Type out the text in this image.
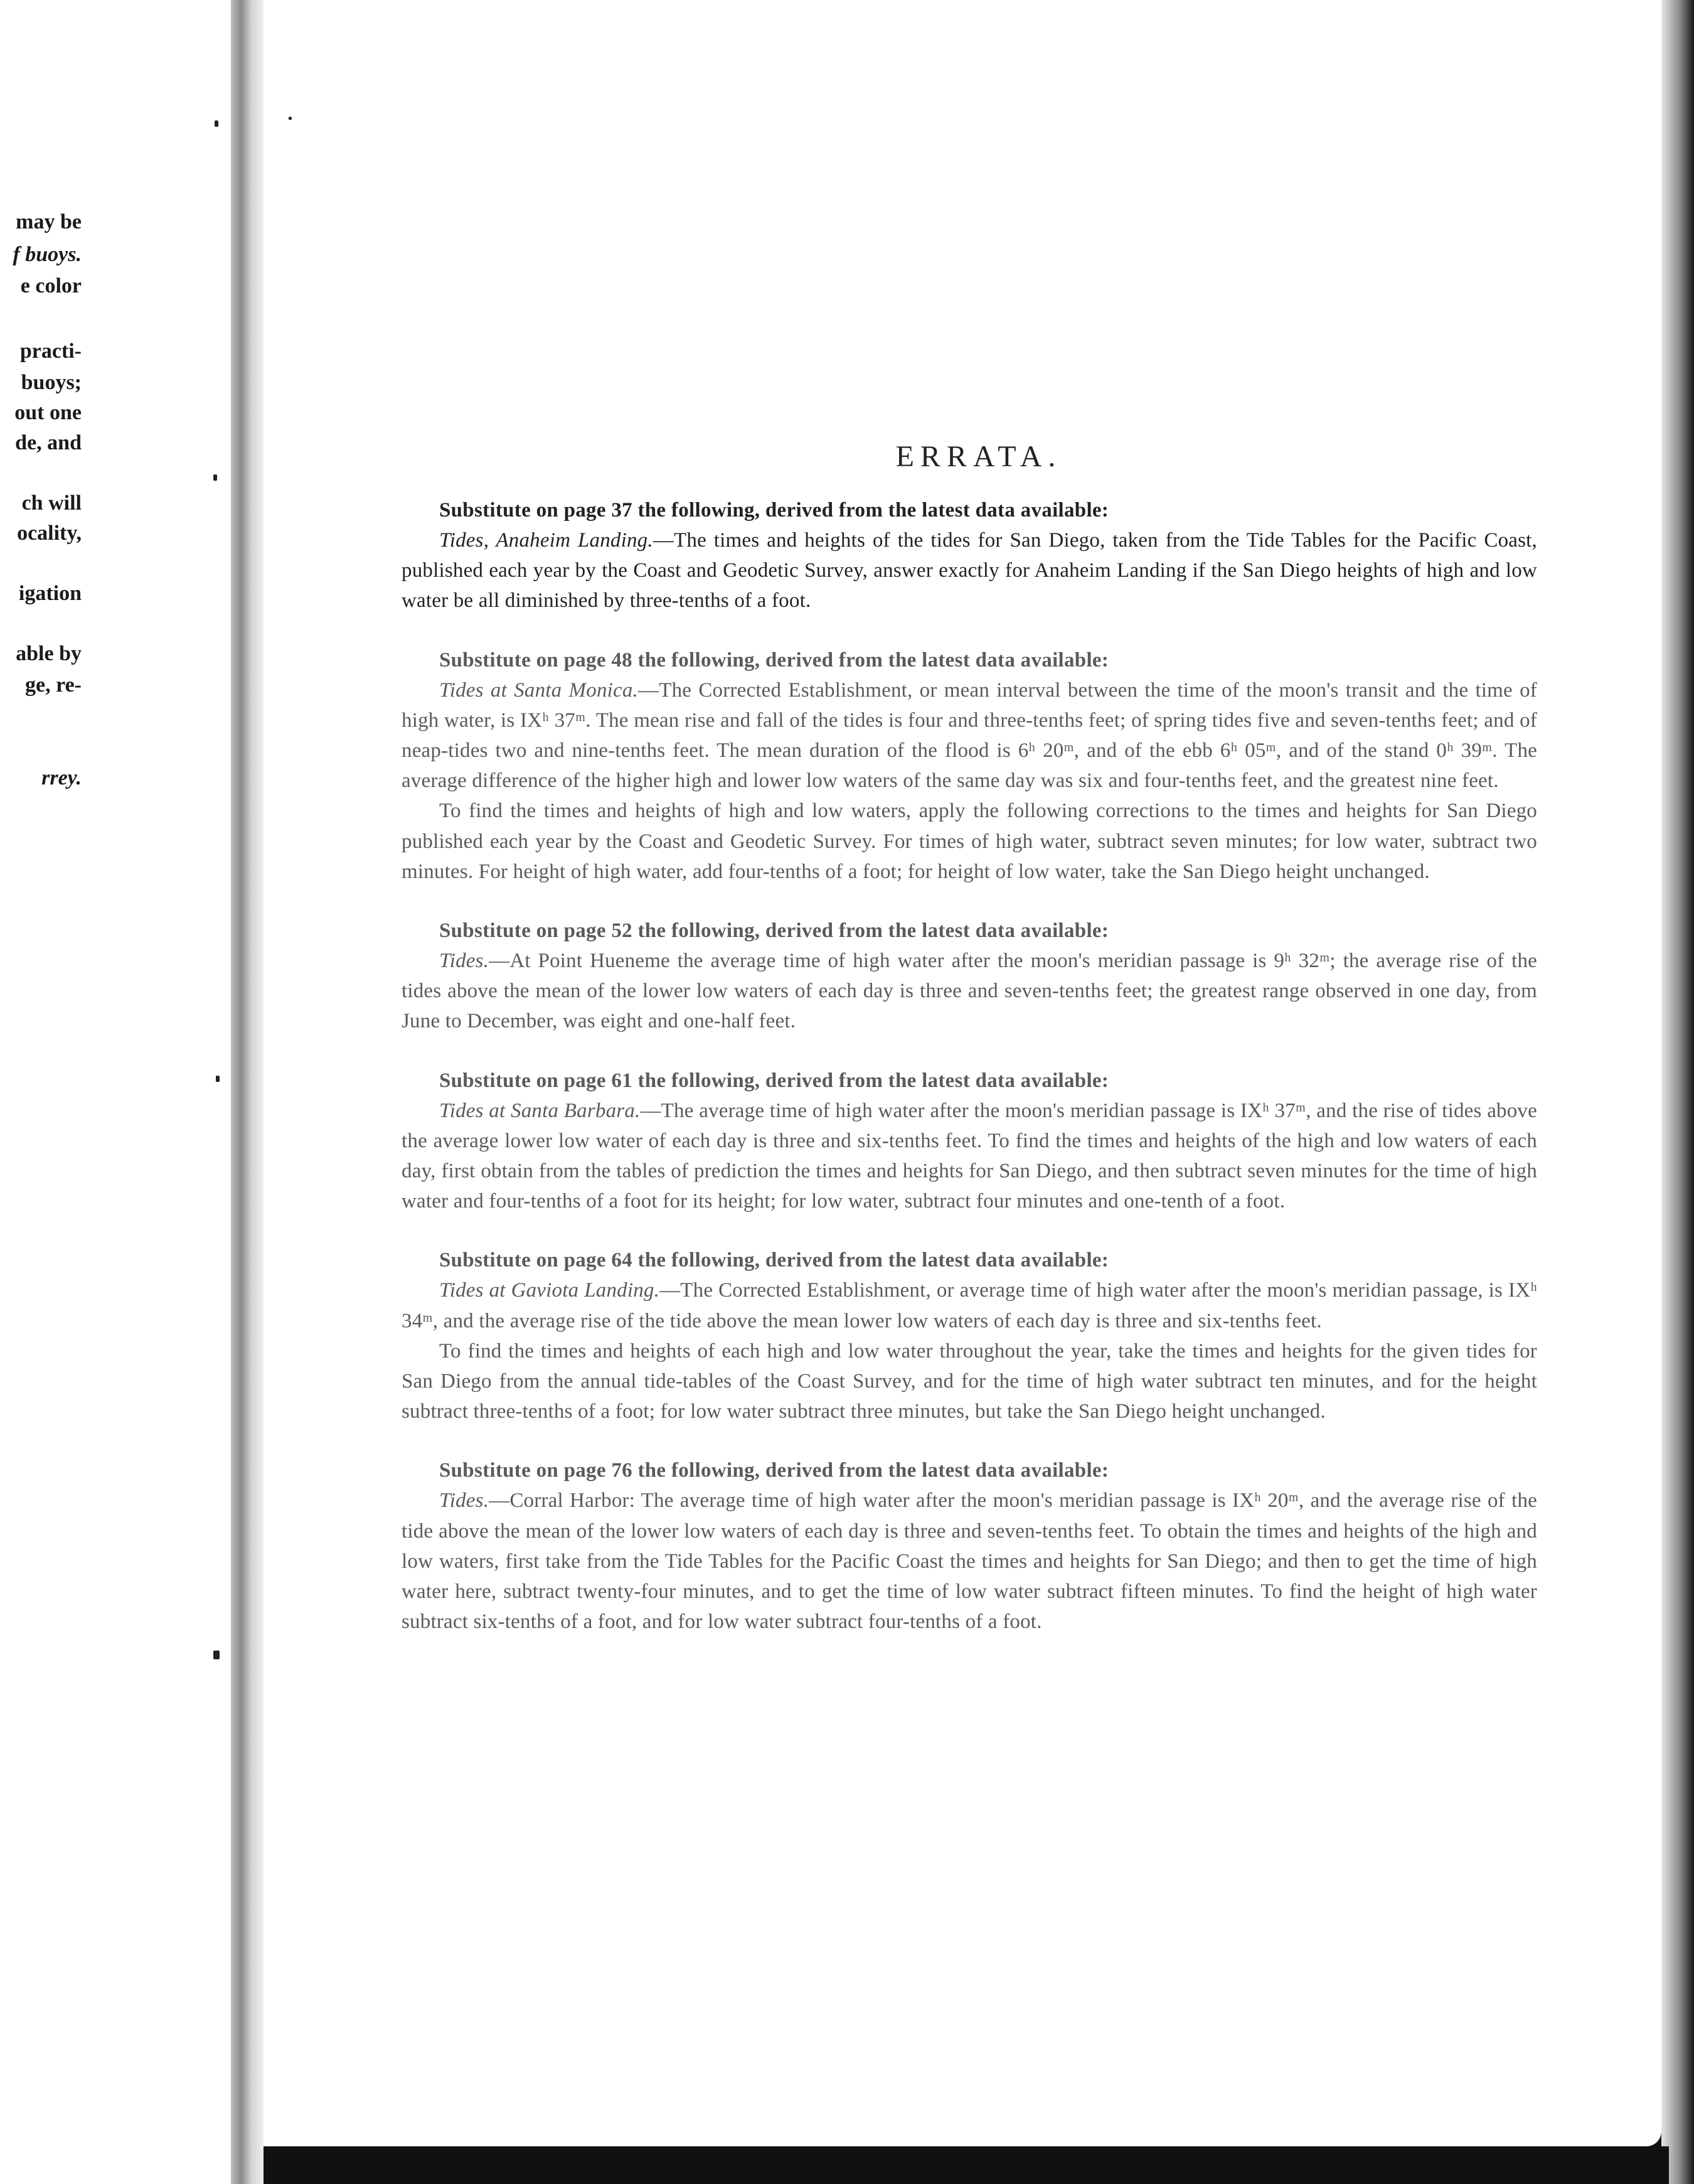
may be
f buoys.
e color
practi-
buoys;
out one
de, and
ch will
ocality,
igation
able by
ge, re-
rrey.
ERRATA.

Substitute on page 37 the following, derived from the latest data available:

Tides, Anaheim Landing.—The times and heights of the tides for San Diego, taken from the Tide Tables for the Pacific Coast, published each year by the Coast and Geodetic Survey, answer exactly for Anaheim Landing if the San Diego heights of high and low water be all diminished by three-tenths of a foot.

Substitute on page 48 the following, derived from the latest data available:

Tides at Santa Monica.—The Corrected Establishment, or mean interval between the time of the moon's transit and the time of high water, is IXʰ 37ᵐ. The mean rise and fall of the tides is four and three-tenths feet; of spring tides five and seven-tenths feet; and of neap-tides two and nine-tenths feet. The mean duration of the flood is 6ʰ 20ᵐ, and of the ebb 6ʰ 05ᵐ, and of the stand 0ʰ 39ᵐ. The average difference of the higher high and lower low waters of the same day was six and four-tenths feet, and the greatest nine feet.

To find the times and heights of high and low waters, apply the following corrections to the times and heights for San Diego published each year by the Coast and Geodetic Survey. For times of high water, subtract seven minutes; for low water, subtract two minutes. For height of high water, add four-tenths of a foot; for height of low water, take the San Diego height unchanged.

Substitute on page 52 the following, derived from the latest data available:

Tides.—At Point Hueneme the average time of high water after the moon's meridian passage is 9ʰ 32ᵐ; the average rise of the tides above the mean of the lower low waters of each day is three and seven-tenths feet; the greatest range observed in one day, from June to December, was eight and one-half feet.

Substitute on page 61 the following, derived from the latest data available:

Tides at Santa Barbara.—The average time of high water after the moon's meridian passage is IXʰ 37ᵐ, and the rise of tides above the average lower low water of each day is three and six-tenths feet. To find the times and heights of the high and low waters of each day, first obtain from the tables of prediction the times and heights for San Diego, and then subtract seven minutes for the time of high water and four-tenths of a foot for its height; for low water, subtract four minutes and one-tenth of a foot.

Substitute on page 64 the following, derived from the latest data available:

Tides at Gaviota Landing.—The Corrected Establishment, or average time of high water after the moon's meridian passage, is IXʰ 34ᵐ, and the average rise of the tide above the mean lower low waters of each day is three and six-tenths feet.

To find the times and heights of each high and low water throughout the year, take the times and heights for the given tides for San Diego from the annual tide-tables of the Coast Survey, and for the time of high water subtract ten minutes, and for the height subtract three-tenths of a foot; for low water subtract three minutes, but take the San Diego height unchanged.

Substitute on page 76 the following, derived from the latest data available:

Tides.—Corral Harbor: The average time of high water after the moon's meridian passage is IXʰ 20ᵐ, and the average rise of the tide above the mean of the lower low waters of each day is three and seven-tenths feet. To obtain the times and heights of the high and low waters, first take from the Tide Tables for the Pacific Coast the times and heights for San Diego; and then to get the time of high water here, subtract twenty-four minutes, and to get the time of low water subtract fifteen minutes. To find the height of high water subtract six-tenths of a foot, and for low water subtract four-tenths of a foot.
